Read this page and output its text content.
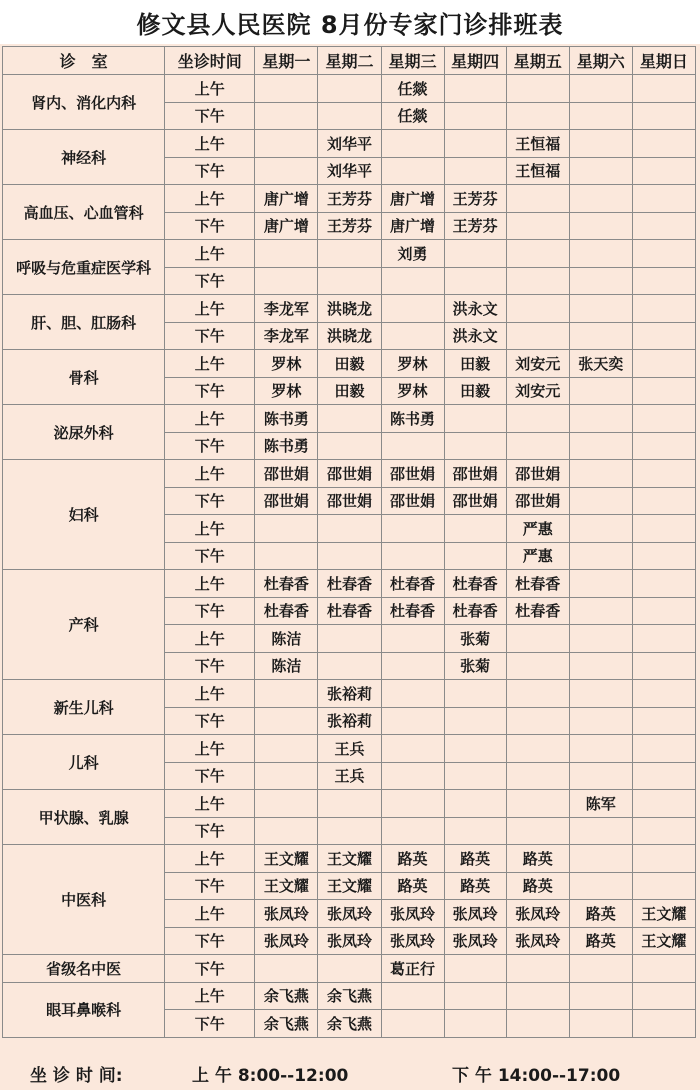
修文县人民医院 8月份专家门诊排班表
诊　室	坐诊时间	星期一	星期二	星期三	星期四	星期五	星期六	星期日
肾内、消化内科	上午			任燚				
	下午			任燚				
神经科	上午		刘华平			王恒福		
	下午		刘华平			王恒福		
高血压、心血管科	上午	唐广增	王芳芬	唐广增	王芳芬			
	下午	唐广增	王芳芬	唐广增	王芳芬			
呼吸与危重症医学科	上午			刘勇				
	下午							
肝、胆、肛肠科	上午	李龙军	洪晓龙		洪永文			
	下午	李龙军	洪晓龙		洪永文			
骨科	上午	罗林	田毅	罗林	田毅	刘安元	张天奕	
	下午	罗林	田毅	罗林	田毅	刘安元		
泌尿外科	上午	陈书勇		陈书勇				
	下午	陈书勇						
妇科	上午	邵世娟	邵世娟	邵世娟	邵世娟	邵世娟		
	下午	邵世娟	邵世娟	邵世娟	邵世娟	邵世娟		
	上午					严惠		
	下午					严惠		
产科	上午	杜春香	杜春香	杜春香	杜春香	杜春香		
	下午	杜春香	杜春香	杜春香	杜春香	杜春香		
	上午	陈洁			张菊			
	下午	陈洁			张菊			
新生儿科	上午		张裕莉					
	下午		张裕莉					
儿科	上午		王兵					
	下午		王兵					
甲状腺、乳腺	上午						陈军	
	下午							
中医科	上午	王文耀	王文耀	路英	路英	路英		
	下午	王文耀	王文耀	路英	路英	路英		
	上午	张凤玲	张凤玲	张凤玲	张凤玲	张凤玲	路英	王文耀
	下午	张凤玲	张凤玲	张凤玲	张凤玲	张凤玲	路英	王文耀
省级名中医	下午			葛正行				
眼耳鼻喉科	上午	余飞燕	余飞燕					
	下午	余飞燕	余飞燕					
坐 诊 时 间:	上 午 8:00--12:00	下 午 14:00--17:00
